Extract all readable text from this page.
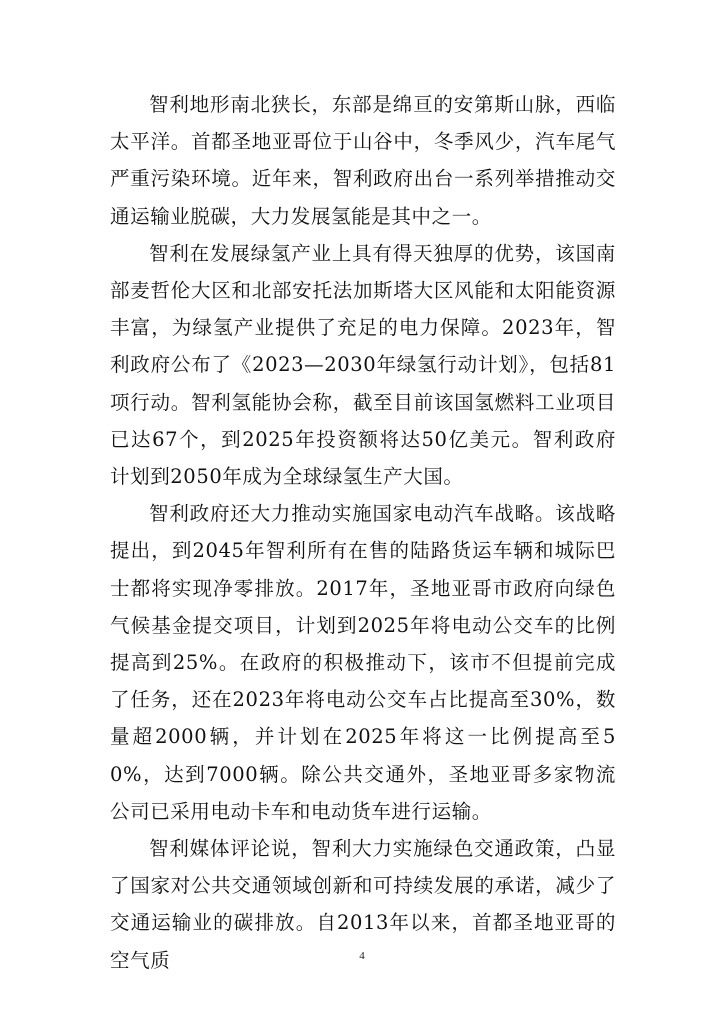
智利地形南北狭长，东部是绵亘的安第斯山脉，西临太平洋。首都圣地亚哥位于山谷中，冬季风少，汽车尾气严重污染环境。近年来，智利政府出台一系列举措推动交通运输业脱碳，大力发展氢能是其中之一。

智利在发展绿氢产业上具有得天独厚的优势，该国南部麦哲伦大区和北部安托法加斯塔大区风能和太阳能资源丰富，为绿氢产业提供了充足的电力保障。2023年，智利政府公布了《2023—2030年绿氢行动计划》，包括81项行动。智利氢能协会称，截至目前该国氢燃料工业项目已达67个，到2025年投资额将达50亿美元。智利政府计划到2050年成为全球绿氢生产大国。

智利政府还大力推动实施国家电动汽车战略。该战略提出，到2045年智利所有在售的陆路货运车辆和城际巴士都将实现净零排放。2017年，圣地亚哥市政府向绿色气候基金提交项目，计划到2025年将电动公交车的比例提高到25%。在政府的积极推动下，该市不但提前完成了任务，还在2023年将电动公交车占比提高至30%，数量超2000辆，并计划在2025年将这一比例提高至50%，达到7000辆。除公共交通外，圣地亚哥多家物流公司已采用电动卡车和电动货车进行运输。

智利媒体评论说，智利大力实施绿色交通政策，凸显了国家对公共交通领域创新和可持续发展的承诺，减少了交通运输业的碳排放。自2013年以来，首都圣地亚哥的空气质	4
